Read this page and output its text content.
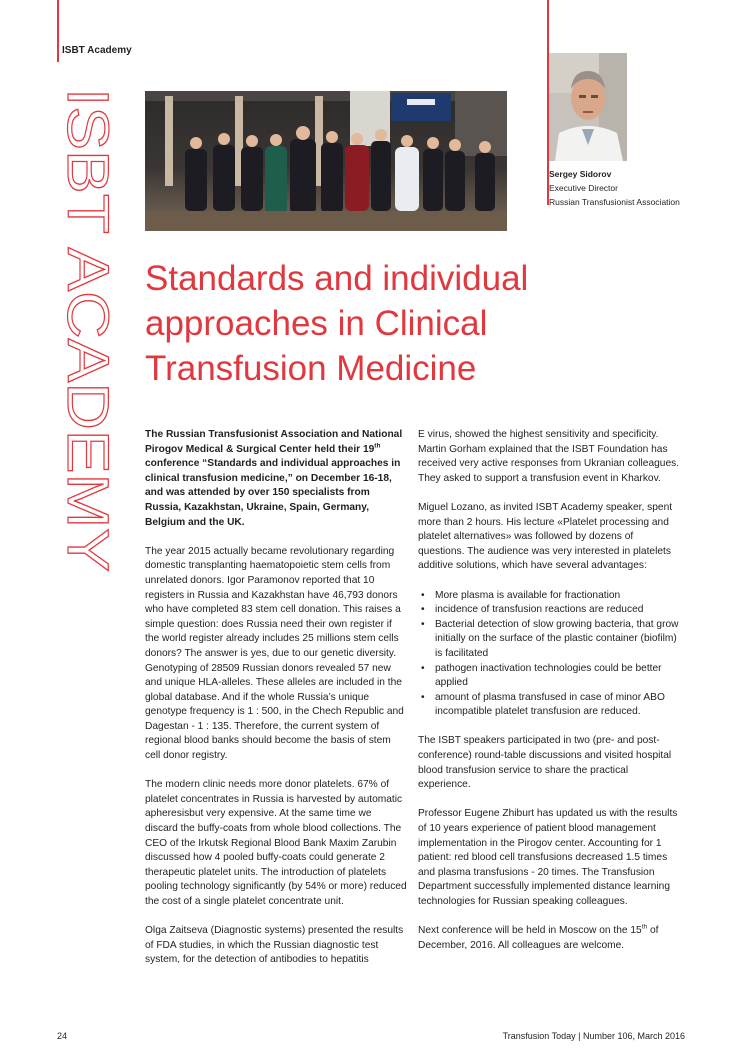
ISBT Academy
ISBT ACADEMY	Sergey Sidorov
Executive Director
Russian Transfusionist Association
Standards and individual
approaches in Clinical
Transfusion Medicine

The Russian Transfusionist Association and National Pirogov Medical & Surgical Center held their 19th conference “Standards and individual approaches in clinical transfusion medicine,” on December 16-18, and was attended by over 150 specialists from Russia, Kazakhstan, Ukraine, Spain, Germany, Belgium and the UK.

The year 2015 actually became revolutionary regarding domestic transplanting haematopoietic stem cells from unrelated donors. Igor Paramonov reported that 10 registers in Russia and Kazakhstan have 46,793 donors who have completed 83 stem cell donation. This raises a simple question: does Russia need their own register if the world register already includes 25 millions stem cells donors? The answer is yes, due to our genetic diversity. Genotyping of 28509 Russian donors revealed 57 new and unique HLA-alleles. These alleles are included in the global database. And if the whole Russia’s unique genotype frequency is 1 : 500, in the Chech Republic and Dagestan - 1 : 135. Therefore, the current system of regional blood banks should become the basis of stem cell donor registry.

The modern clinic needs more donor platelets. 67% of platelet concentrates in Russia is harvested by automatic apheresisbut very expensive. At the same time we discard the buffy-coats from whole blood collections. The CEO of the Irkutsk Regional Blood Bank Maxim Zarubin discussed how 4 pooled buffy-coats could generate 2 therapeutic platelet units. The introduction of platelets pooling technology significantly (by 54% or more) reduced the cost of a single platelet concentrate unit.

Olga Zaitseva (Diagnostic systems) presented the results of FDA studies, in which the Russian diagnostic test system, for the detection of antibodies to hepatitis

E virus, showed the highest sensitivity and specificity. Martin Gorham explained that the ISBT Foundation has received very active responses from Ukranian colleagues. They asked to support a transfusion event in Kharkov.

Miguel Lozano, as invited ISBT Academy speaker, spent more than 2 hours. His lecture «Platelet processing and platelet alternatives» was followed by dozens of questions. The audience was very interested in platelets additive solutions, which have several advantages:

• More plasma is available for fractionation
• incidence of transfusion reactions are reduced
• Bacterial detection of slow growing bacteria, that grow initially on the surface of the plastic container (biofilm) is facilitated
• pathogen inactivation technologies could be better applied
• amount of plasma transfused in case of minor ABO incompatible platelet transfusion are reduced.

The ISBT speakers participated in two (pre- and post-conference) round-table discussions and visited hospital blood transfusion service to share the practical experience.

Professor Eugene Zhiburt has updated us with the results of 10 years experience of patient blood management implementation in the Pirogov center. Accounting for 1 patient: red blood cell transfusions decreased 1.5 times and plasma transfusions - 20 times. The Transfusion Department successfully implemented distance learning technologies for Russian speaking colleagues.

Next conference will be held in Moscow on the 15th of December, 2016. All colleagues are welcome.

24	Transfusion Today | Number 106, March 2016
